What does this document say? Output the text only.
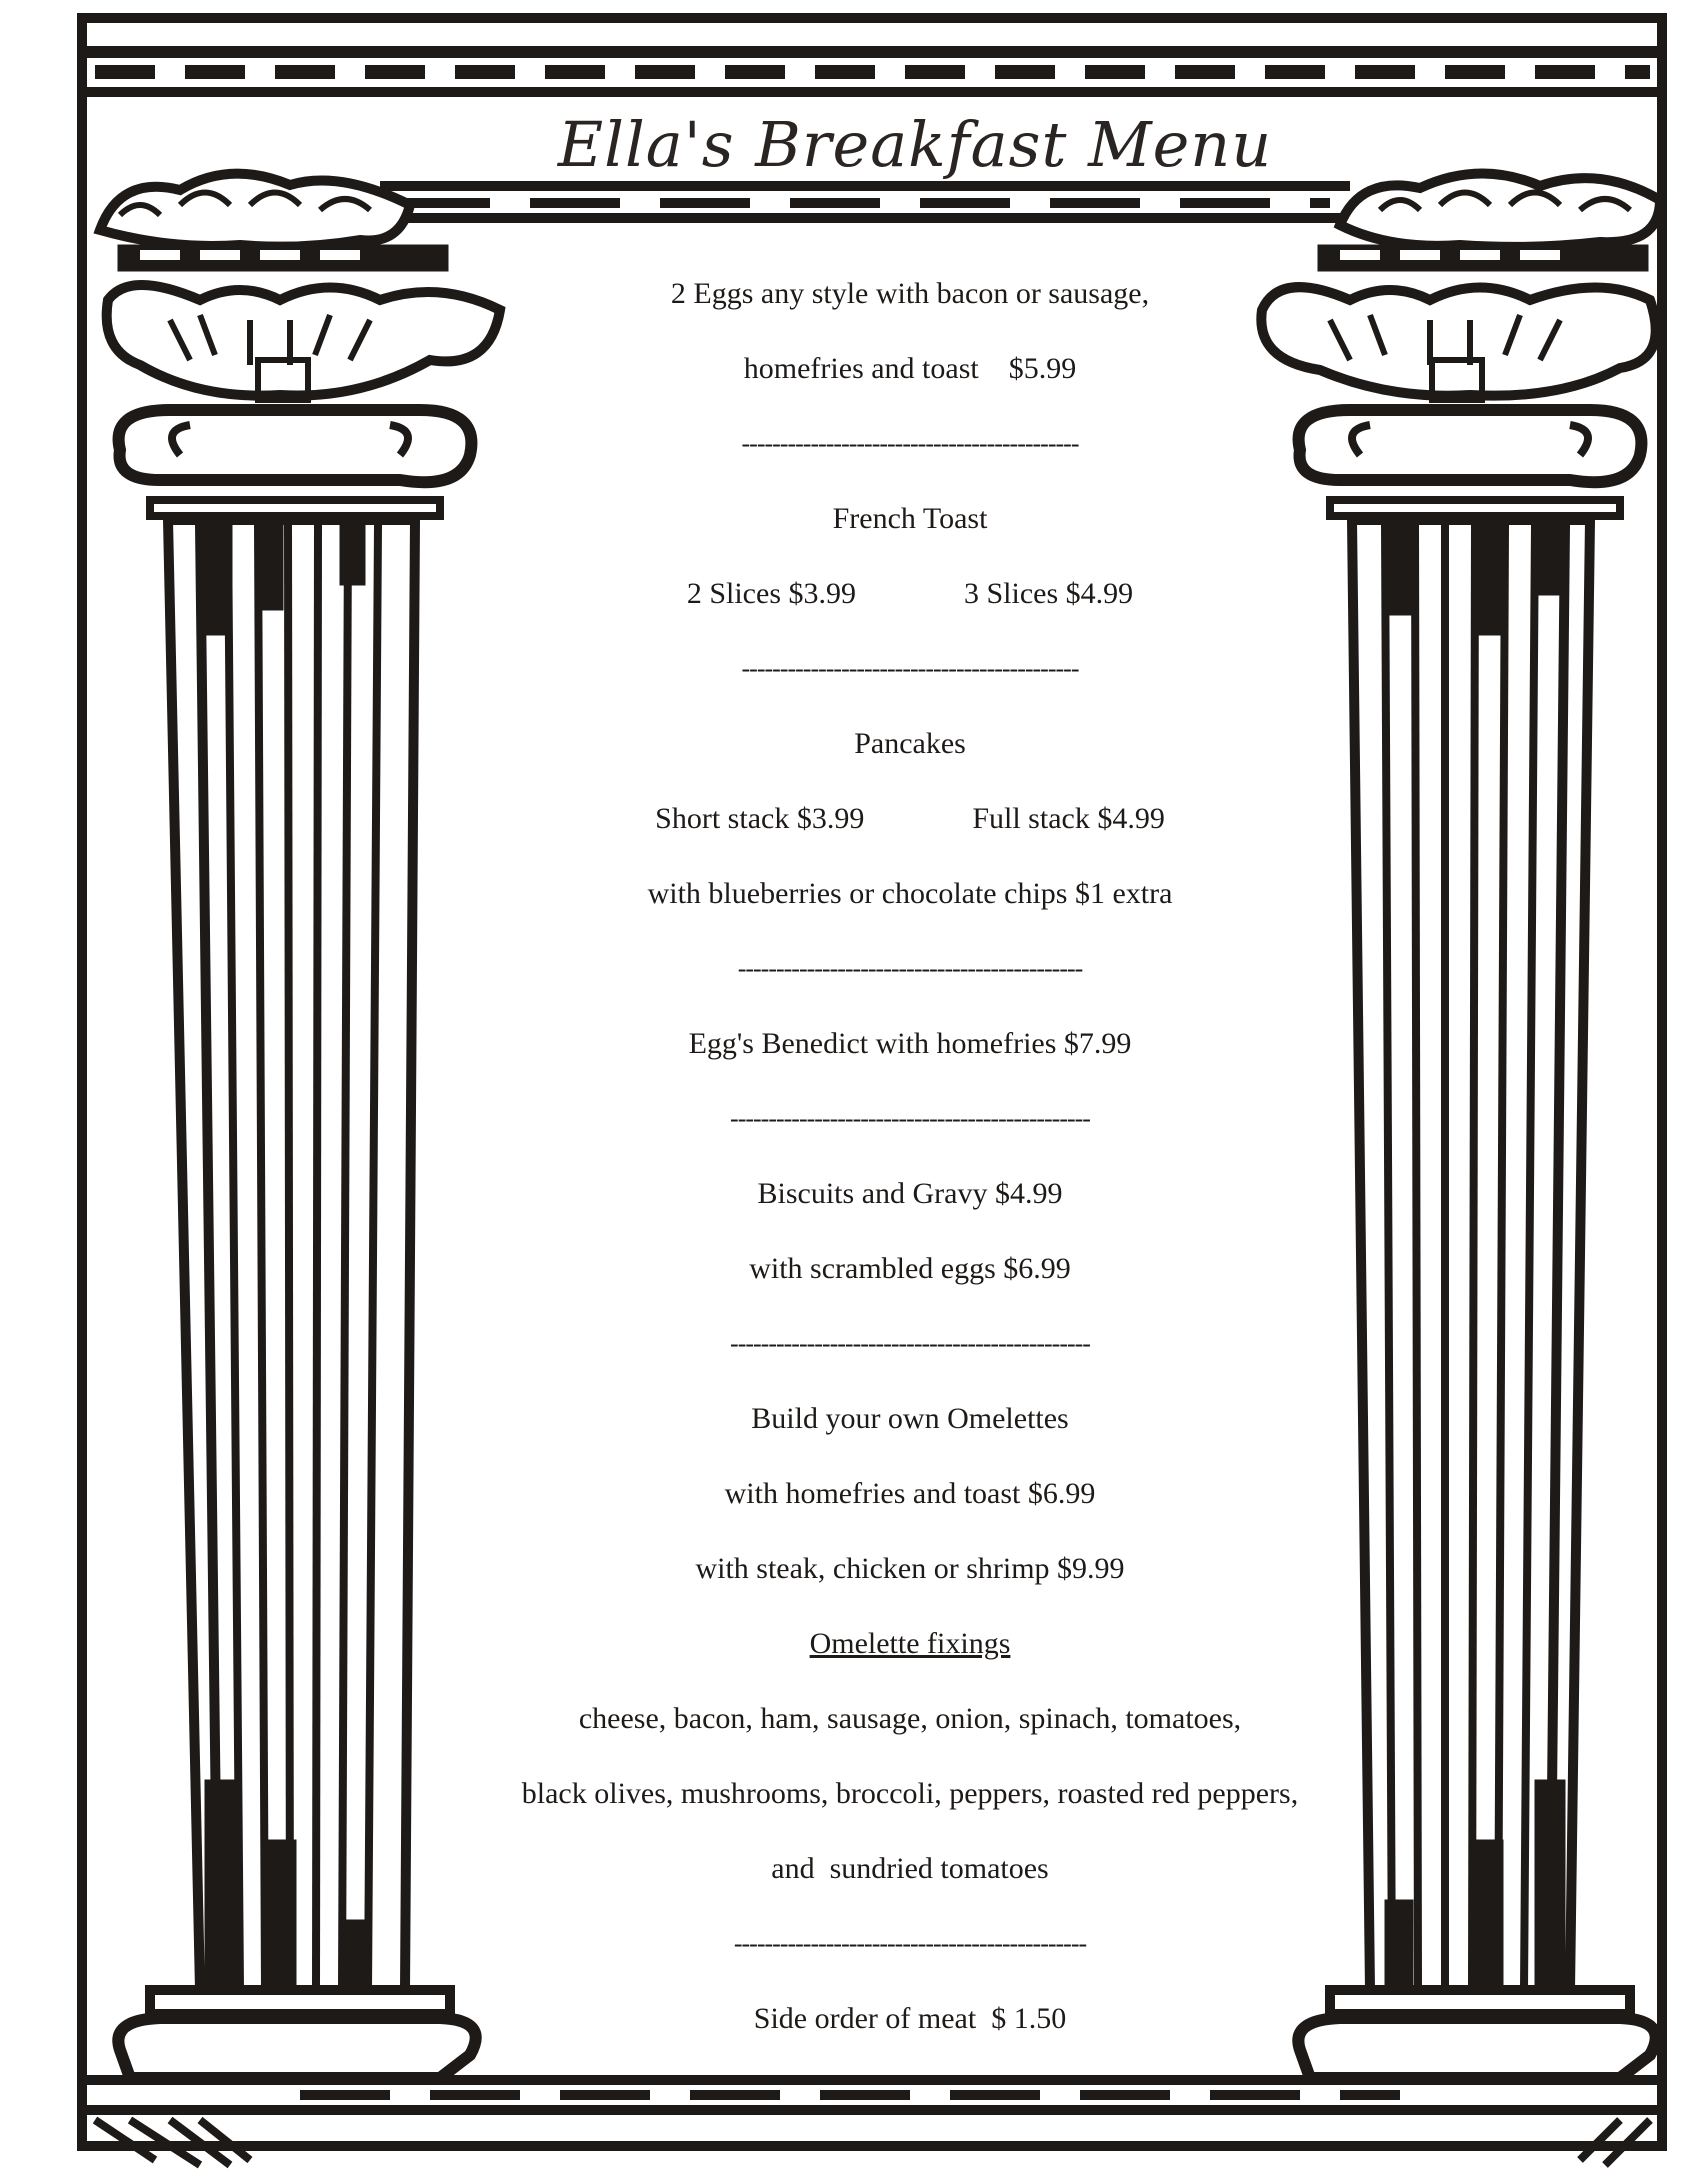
Ella's Breakfast Menu
2 Eggs any style with bacon or sausage,
homefries and toast    $5.99
--------------------------------------------
French Toast
2 Slices $3.99	3 Slices $4.99
--------------------------------------------
Pancakes
Short stack $3.99	Full stack $4.99
with blueberries or chocolate chips $1 extra
---------------------------------------------
Egg's Benedict with homefries $7.99
-----------------------------------------------
Biscuits and Gravy $4.99
with scrambled eggs $6.99
-----------------------------------------------
Build your own Omelettes
with homefries and toast $6.99
with steak, chicken or shrimp $9.99
Omelette fixings
cheese, bacon, ham, sausage, onion, spinach, tomatoes,
black olives, mushrooms, broccoli, peppers, roasted red peppers,
and  sundried tomatoes
----------------------------------------------
Side order of meat  $ 1.50
